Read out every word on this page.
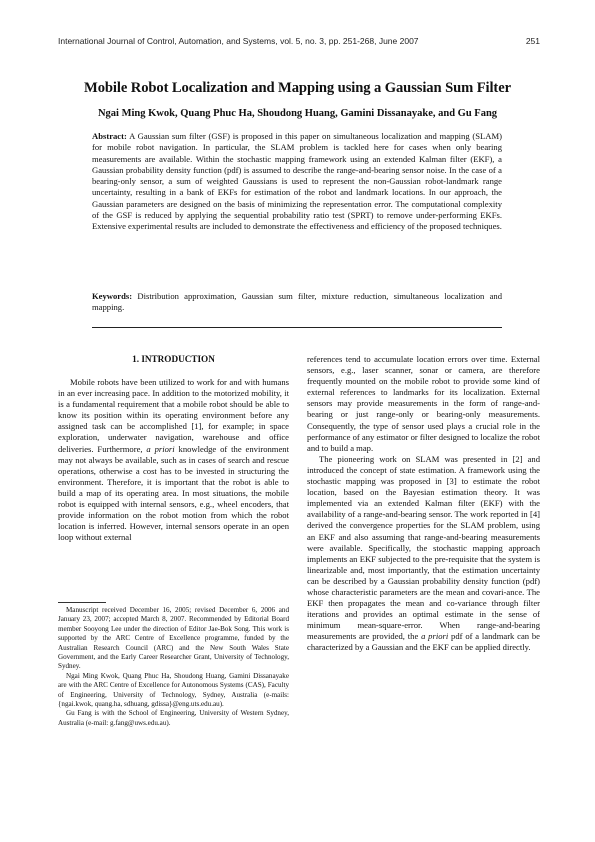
International Journal of Control, Automation, and Systems, vol. 5, no. 3, pp. 251-268, June 2007	251
Mobile Robot Localization and Mapping using a Gaussian Sum Filter
Ngai Ming Kwok, Quang Phuc Ha, Shoudong Huang, Gamini Dissanayake, and Gu Fang
Abstract: A Gaussian sum filter (GSF) is proposed in this paper on simultaneous localization and mapping (SLAM) for mobile robot navigation. In particular, the SLAM problem is tackled here for cases when only bearing measurements are available. Within the stochastic mapping framework using an extended Kalman filter (EKF), a Gaussian probability density function (pdf) is assumed to describe the range-and-bearing sensor noise. In the case of a bearing-only sensor, a sum of weighted Gaussians is used to represent the non-Gaussian robot-landmark range uncertainty, resulting in a bank of EKFs for estimation of the robot and landmark locations. In our approach, the Gaussian parameters are designed on the basis of minimizing the representation error. The computational complexity of the GSF is reduced by applying the sequential probability ratio test (SPRT) to remove under-performing EKFs. Extensive experimental results are included to demonstrate the effectiveness and efficiency of the proposed techniques.
Keywords: Distribution approximation, Gaussian sum filter, mixture reduction, simultaneous localization and mapping.
1. INTRODUCTION

Mobile robots have been utilized to work for and with humans in an ever increasing pace. In addition to the motorized mobility, it is a fundamental requirement that a mobile robot should be able to know its position within its operating environment before any assigned task can be accomplished [1], for example; in space exploration, underwater navigation, warehouse and office deliveries. Furthermore, a priori knowledge of the environment may not always be available, such as in cases of search and rescue operations, otherwise a cost has to be invested in structuring the environment. Therefore, it is important that the robot is able to build a map of its operating area. In most situations, the mobile robot is equipped with internal sensors, e.g., wheel encoders, that provide information on the robot motion from which the robot location is inferred. However, internal sensors operate in an open loop without external

Manuscript received December 16, 2005; revised December 6, 2006 and January 23, 2007; accepted March 8, 2007. Recommended by Editorial Board member Sooyong Lee under the direction of Editor Jae-Bok Song. This work is supported by the ARC Centre of Excellence programme, funded by the Australian Research Council (ARC) and the New South Wales State Government, and the Early Career Researcher Grant, University of Technology, Sydney.

Ngai Ming Kwok, Quang Phuc Ha, Shoudong Huang, Gamini Dissanayake are with the ARC Centre of Excellence for Autonomous Systems (CAS), Faculty of Engineering, University of Technology, Sydney, Australia (e-mails: {ngai.kwok, quang.ha, sdhuang, gdissa}@eng.uts.edu.au).

Gu Fang is with the School of Engineering, University of Western Sydney, Australia (e-mail: g.fang@uws.edu.au).

references tend to accumulate location errors over time. External sensors, e.g., laser scanner, sonar or camera, are therefore frequently mounted on the mobile robot to provide some kind of external references to landmarks for its localization. External sensors may provide measurements in the form of range-and-bearing or just range-only or bearing-only measurements. Consequently, the type of sensor used plays a crucial role in the performance of any estimator or filter designed to localize the robot and to build a map.

The pioneering work on SLAM was presented in [2] and introduced the concept of state estimation. A framework using the stochastic mapping was proposed in [3] to estimate the robot location, based on the Bayesian estimation theory. It was implemented via an extended Kalman filter (EKF) with the availability of a range-and-bearing sensor. The work reported in [4] derived the convergence properties for the SLAM problem, using an EKF and also assuming that range-and-bearing measurements were available. Specifically, the stochastic mapping approach implements an EKF subjected to the pre-requisite that the system is linearizable and, most importantly, that the estimation uncertainty can be described by a Gaussian probability density function (pdf) whose characteristic parameters are the mean and covari-ance. The EKF then propagates the mean and co-variance through filter iterations and provides an optimal estimate in the sense of minimum mean-square-error. When range-and-bearing measurements are provided, the a priori pdf of a landmark can be characterized by a Gaussian and the EKF can be applied directly.
